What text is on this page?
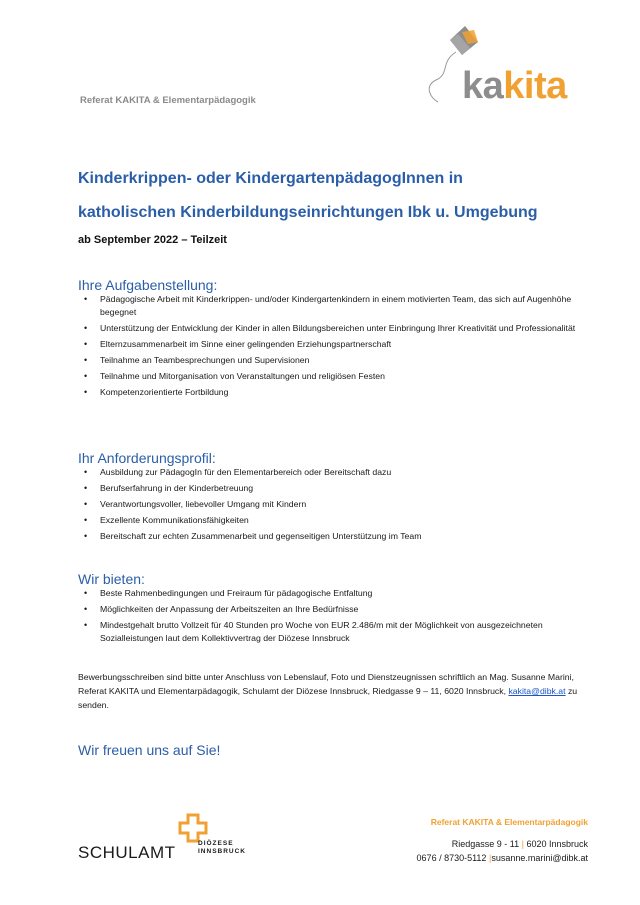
Referat KAKITA & Elementarpädagogik	kakita
Kinderkrippen- oder KindergartenpädagogInnen in
katholischen Kinderbildungseinrichtungen Ibk u. Umgebung
ab September 2022 – Teilzeit
Ihre Aufgabenstellung:
• Pädagogische Arbeit mit Kinderkrippen- und/oder Kindergartenkindern in einem motivierten Team, das sich auf Augenhöhe begegnet
• Unterstützung der Entwicklung der Kinder in allen Bildungsbereichen unter Einbringung Ihrer Kreativität und Professionalität
• Elternzusammenarbeit im Sinne einer gelingenden Erziehungspartnerschaft
• Teilnahme an Teambesprechungen und Supervisionen
• Teilnahme und Mitorganisation von Veranstaltungen und religiösen Festen
• Kompetenzorientierte Fortbildung
Ihr Anforderungsprofil:
• Ausbildung zur PädagogIn für den Elementarbereich oder Bereitschaft dazu
• Berufserfahrung in der Kinderbetreuung
• Verantwortungsvoller, liebevoller Umgang mit Kindern
• Exzellente Kommunikationsfähigkeiten
• Bereitschaft zur echten Zusammenarbeit und gegenseitigen Unterstützung im Team
Wir bieten:
• Beste Rahmenbedingungen und Freiraum für pädagogische Entfaltung
• Möglichkeiten der Anpassung der Arbeitszeiten an Ihre Bedürfnisse
• Mindestgehalt brutto Vollzeit für 40 Stunden pro Woche von EUR 2.486/m mit der Möglichkeit von ausgezeichneten Sozialleistungen laut dem Kollektivvertrag der Diözese Innsbruck
Bewerbungsschreiben sind bitte unter Anschluss von Lebenslauf, Foto und Dienstzeugnissen schriftlich an Mag. Susanne Marini, Referat KAKITA und Elementarpädagogik, Schulamt der Diözese Innsbruck, Riedgasse 9 – 11, 6020 Innsbruck, kakita@dibk.at zu senden.
Wir freuen uns auf Sie!
SCHULAMT	DIÖZESE
INNSBRUCK
Referat KAKITA & Elementarpädagogik
Riedgasse 9 - 11 | 6020 Innsbruck
0676 / 8730-5112 |susanne.marini@dibk.at
